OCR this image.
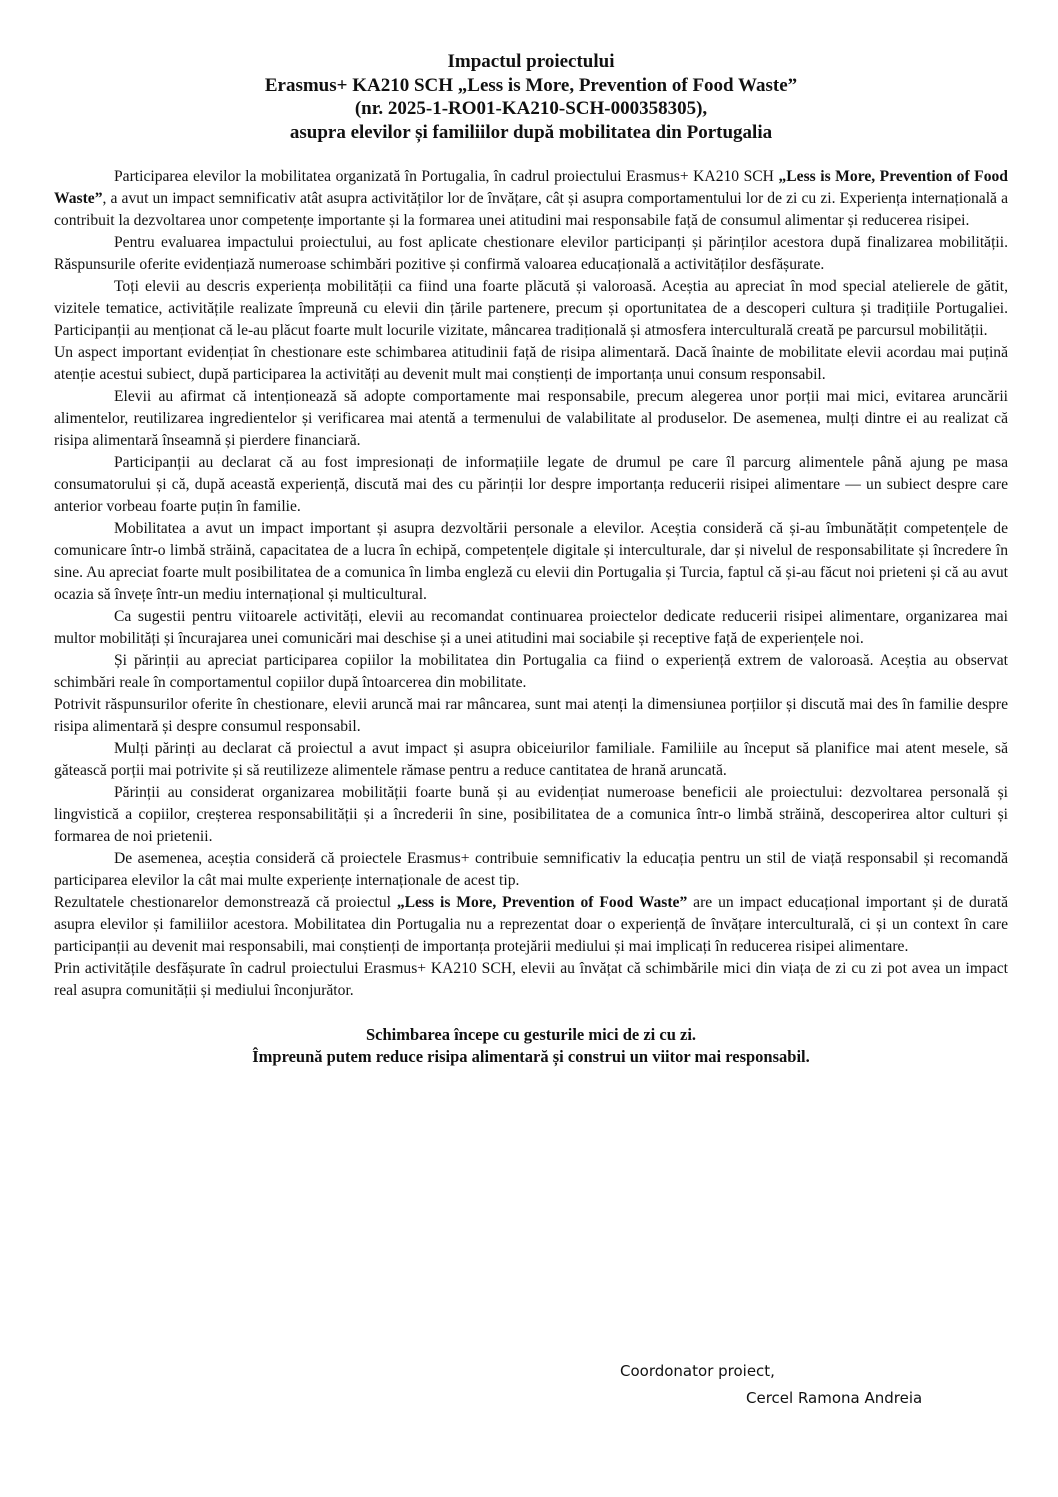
Impactul proiectului
Erasmus+ KA210 SCH „Less is More, Prevention of Food Waste”
(nr. 2025-1-RO01-KA210-SCH-000358305),
asupra elevilor și familiilor după mobilitatea din Portugalia

Participarea elevilor la mobilitatea organizată în Portugalia, în cadrul proiectului Erasmus+ KA210 SCH „Less is More, Prevention of Food Waste”, a avut un impact semnificativ atât asupra activităților lor de învățare, cât și asupra comportamentului lor de zi cu zi. Experiența internațională a contribuit la dezvoltarea unor competențe importante și la formarea unei atitudini mai responsabile față de consumul alimentar și reducerea risipei.

Pentru evaluarea impactului proiectului, au fost aplicate chestionare elevilor participanți și părinților acestora după finalizarea mobilității. Răspunsurile oferite evidențiază numeroase schimbări pozitive și confirmă valoarea educațională a activităților desfășurate.

Toți elevii au descris experiența mobilității ca fiind una foarte plăcută și valoroasă. Aceștia au apreciat în mod special atelierele de gătit, vizitele tematice, activitățile realizate împreună cu elevii din țările partenere, precum și oportunitatea de a descoperi cultura și tradițiile Portugaliei. Participanții au menționat că le-au plăcut foarte mult locurile vizitate, mâncarea tradițională și atmosfera interculturală creată pe parcursul mobilității.

Un aspect important evidențiat în chestionare este schimbarea atitudinii față de risipa alimentară. Dacă înainte de mobilitate elevii acordau mai puțină atenție acestui subiect, după participarea la activități au devenit mult mai conștienți de importanța unui consum responsabil.

Elevii au afirmat că intenționează să adopte comportamente mai responsabile, precum alegerea unor porții mai mici, evitarea aruncării alimentelor, reutilizarea ingredientelor și verificarea mai atentă a termenului de valabilitate al produselor. De asemenea, mulți dintre ei au realizat că risipa alimentară înseamnă și pierdere financiară.

Participanții au declarat că au fost impresionați de informațiile legate de drumul pe care îl parcurg alimentele până ajung pe masa consumatorului și că, după această experiență, discută mai des cu părinții lor despre importanța reducerii risipei alimentare — un subiect despre care anterior vorbeau foarte puțin în familie.

Mobilitatea a avut un impact important și asupra dezvoltării personale a elevilor. Aceștia consideră că și-au îmbunătățit competențele de comunicare într-o limbă străină, capacitatea de a lucra în echipă, competențele digitale și interculturale, dar și nivelul de responsabilitate și încredere în sine. Au apreciat foarte mult posibilitatea de a comunica în limba engleză cu elevii din Portugalia și Turcia, faptul că și-au făcut noi prieteni și că au avut ocazia să învețe într-un mediu internațional și multicultural.

Ca sugestii pentru viitoarele activități, elevii au recomandat continuarea proiectelor dedicate reducerii risipei alimentare, organizarea mai multor mobilități și încurajarea unei comunicări mai deschise și a unei atitudini mai sociabile și receptive față de experiențele noi.

Și părinții au apreciat participarea copiilor la mobilitatea din Portugalia ca fiind o experiență extrem de valoroasă. Aceștia au observat schimbări reale în comportamentul copiilor după întoarcerea din mobilitate.

Potrivit răspunsurilor oferite în chestionare, elevii aruncă mai rar mâncarea, sunt mai atenți la dimensiunea porțiilor și discută mai des în familie despre risipa alimentară și despre consumul responsabil.

Mulți părinți au declarat că proiectul a avut impact și asupra obiceiurilor familiale. Familiile au început să planifice mai atent mesele, să gătească porții mai potrivite și să reutilizeze alimentele rămase pentru a reduce cantitatea de hrană aruncată.

Părinții au considerat organizarea mobilității foarte bună și au evidențiat numeroase beneficii ale proiectului: dezvoltarea personală și lingvistică a copiilor, creșterea responsabilității și a încrederii în sine, posibilitatea de a comunica într-o limbă străină, descoperirea altor culturi și formarea de noi prietenii.

De asemenea, aceștia consideră că proiectele Erasmus+ contribuie semnificativ la educația pentru un stil de viață responsabil și recomandă participarea elevilor la cât mai multe experiențe internaționale de acest tip.

Rezultatele chestionarelor demonstrează că proiectul „Less is More, Prevention of Food Waste” are un impact educațional important și de durată asupra elevilor și familiilor acestora. Mobilitatea din Portugalia nu a reprezentat doar o experiență de învățare interculturală, ci și un context în care participanții au devenit mai responsabili, mai conștienți de importanța protejării mediului și mai implicați în reducerea risipei alimentare.

Prin activitățile desfășurate în cadrul proiectului Erasmus+ KA210 SCH, elevii au învățat că schimbările mici din viața de zi cu zi pot avea un impact real asupra comunității și mediului înconjurător.

Schimbarea începe cu gesturile mici de zi cu zi.
Împreună putem reduce risipa alimentară și construi un viitor mai responsabil.
Coordonator proiect,
Cercel Ramona Andreia
